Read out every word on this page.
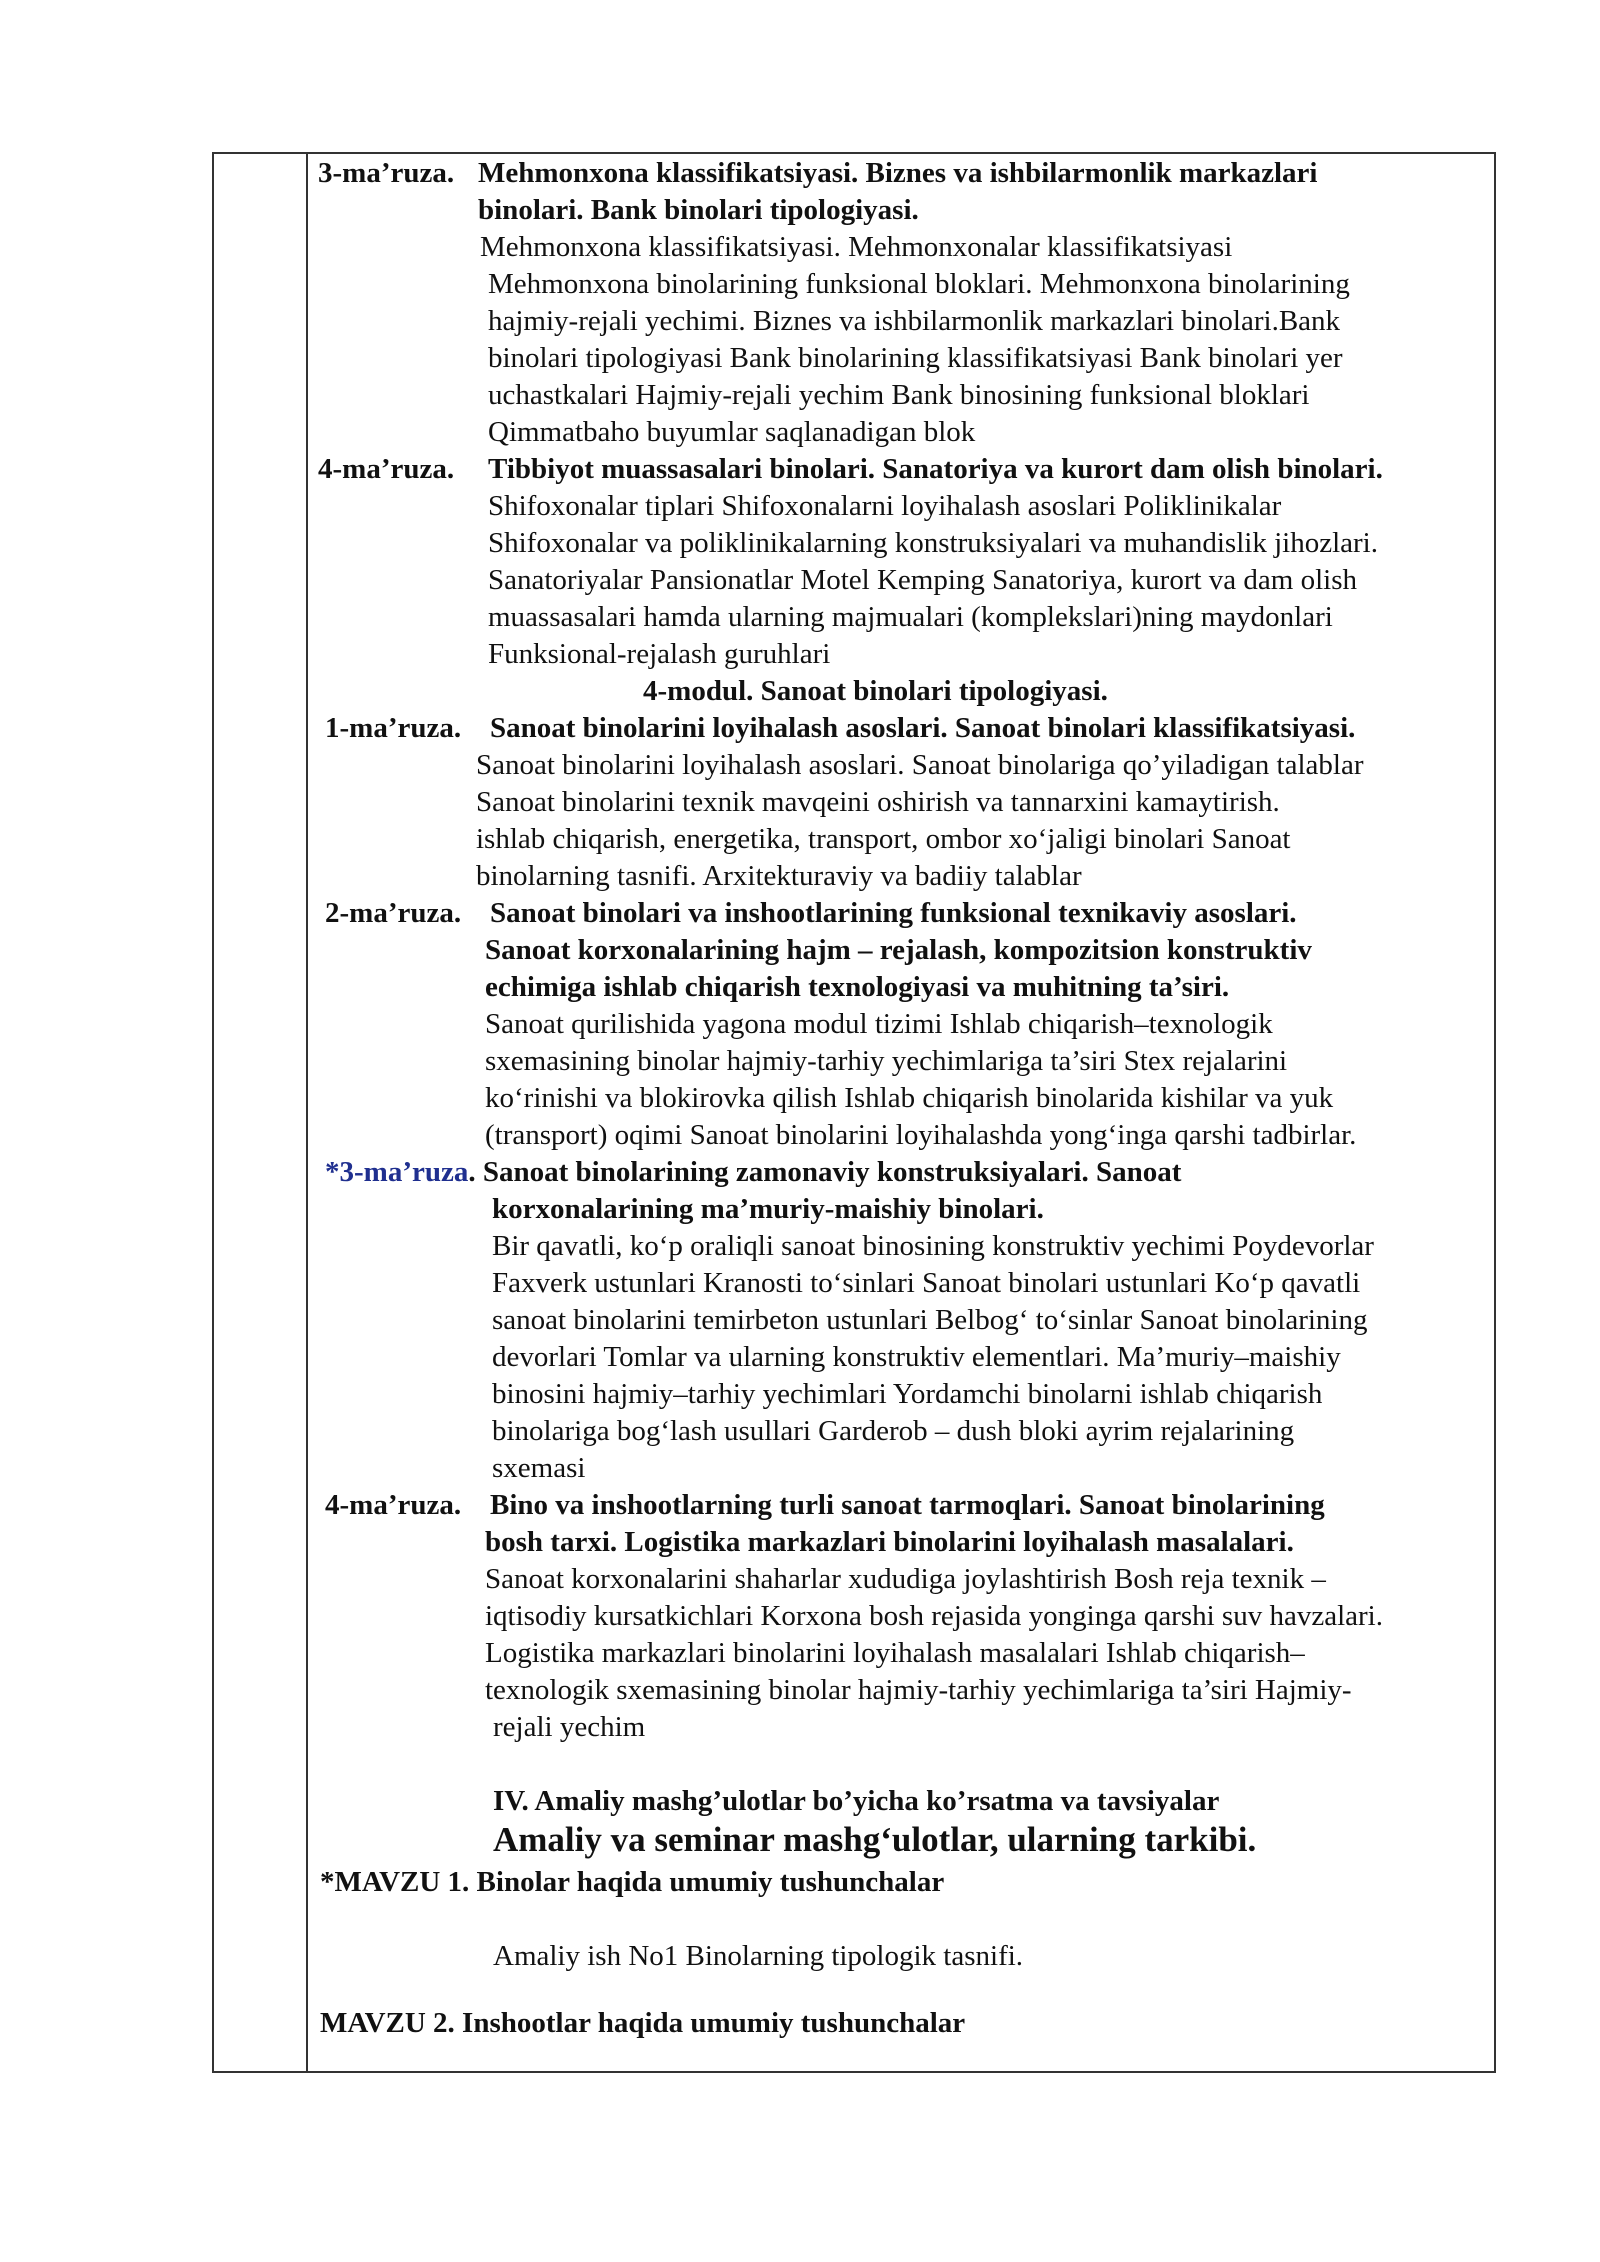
3-ma’ruza. Mehmonxona klassifikatsiyasi. Biznes va ishbilarmonlik markazlari
binolari. Bank binolari tipologiyasi.
Mehmonxona klassifikatsiyasi. Mehmonxonalar klassifikatsiyasi
Mehmonxona binolarining funksional bloklari. Mehmonxona binolarining
hajmiy-rejali yechimi. Biznes va ishbilarmonlik markazlari binolari.Bank
binolari tipologiyasi Bank binolarining klassifikatsiyasi Bank binolari yer
uchastkalari Hajmiy-rejali yechim Bank binosining funksional bloklari
Qimmatbaho buyumlar saqlanadigan blok
4-ma’ruza. Tibbiyot muassasalari binolari. Sanatoriya va kurort dam olish binolari.
Shifoxonalar tiplari Shifoxonalarni loyihalash asoslari Poliklinikalar
Shifoxonalar va poliklinikalarning konstruksiyalari va muhandislik jihozlari.
Sanatoriyalar Pansionatlar Motel Kemping Sanatoriya, kurort va dam olish
muassasalari hamda ularning majmualari (komplekslari)ning maydonlari
Funksional-rejalash guruhlari
4-modul. Sanoat binolari tipologiyasi.
1-ma’ruza. Sanoat binolarini loyihalash asoslari. Sanoat binolari klassifikatsiyasi.
Sanoat binolarini loyihalash asoslari. Sanoat binolariga qo’yiladigan talablar
Sanoat binolarini texnik mavqeini oshirish va tannarxini kamaytirish.
ishlab chiqarish, energetika, transport, ombor xo‘jaligi binolari Sanoat
binolarning tasnifi. Arxitekturaviy va badiiy talablar
2-ma’ruza. Sanoat binolari va inshootlarining funksional texnikaviy asoslari.
Sanoat korxonalarining hajm – rejalash, kompozitsion konstruktiv
echimiga ishlab chiqarish texnologiyasi va muhitning ta’siri.
Sanoat qurilishida yagona modul tizimi Ishlab chiqarish–texnologik
sxemasining binolar hajmiy-tarhiy yechimlariga ta’siri Stex rejalarini
ko‘rinishi va blokirovka qilish Ishlab chiqarish binolarida kishilar va yuk
(transport) oqimi Sanoat binolarini loyihalashda yong‘inga qarshi tadbirlar.
*3-ma’ruza. Sanoat binolarining zamonaviy konstruksiyalari. Sanoat
korxonalarining ma’muriy-maishiy binolari.
Bir qavatli, ko‘p oraliqli sanoat binosining konstruktiv yechimi Poydevorlar
Faxverk ustunlari Kranosti to‘sinlari Sanoat binolari ustunlari Ko‘p qavatli
sanoat binolarini temirbeton ustunlari Belbog‘ to‘sinlar Sanoat binolarining
devorlari Tomlar va ularning konstruktiv elementlari. Ma’muriy–maishiy
binosini hajmiy–tarhiy yechimlari Yordamchi binolarni ishlab chiqarish
binolariga bog‘lash usullari Garderob – dush bloki ayrim rejalarining
sxemasi
4-ma’ruza. Bino va inshootlarning turli sanoat tarmoqlari. Sanoat binolarining
bosh tarxi. Logistika markazlari binolarini loyihalash masalalari.
Sanoat korxonalarini shaharlar xududiga joylashtirish Bosh reja texnik –
iqtisodiy kursatkichlari Korxona bosh rejasida yonginga qarshi suv havzalari.
Logistika markazlari binolarini loyihalash masalalari Ishlab chiqarish–
texnologik sxemasining binolar hajmiy-tarhiy yechimlariga ta’siri Hajmiy-
rejali yechim
IV. Amaliy mashg’ulotlar bo’yicha ko’rsatma va tavsiyalar
Amaliy va seminar mashg‘ulotlar, ularning tarkibi.
*MAVZU 1. Binolar haqida umumiy tushunchalar
Amaliy ish No1 Binolarning tipologik tasnifi.
MAVZU 2. Inshootlar haqida umumiy tushunchalar
